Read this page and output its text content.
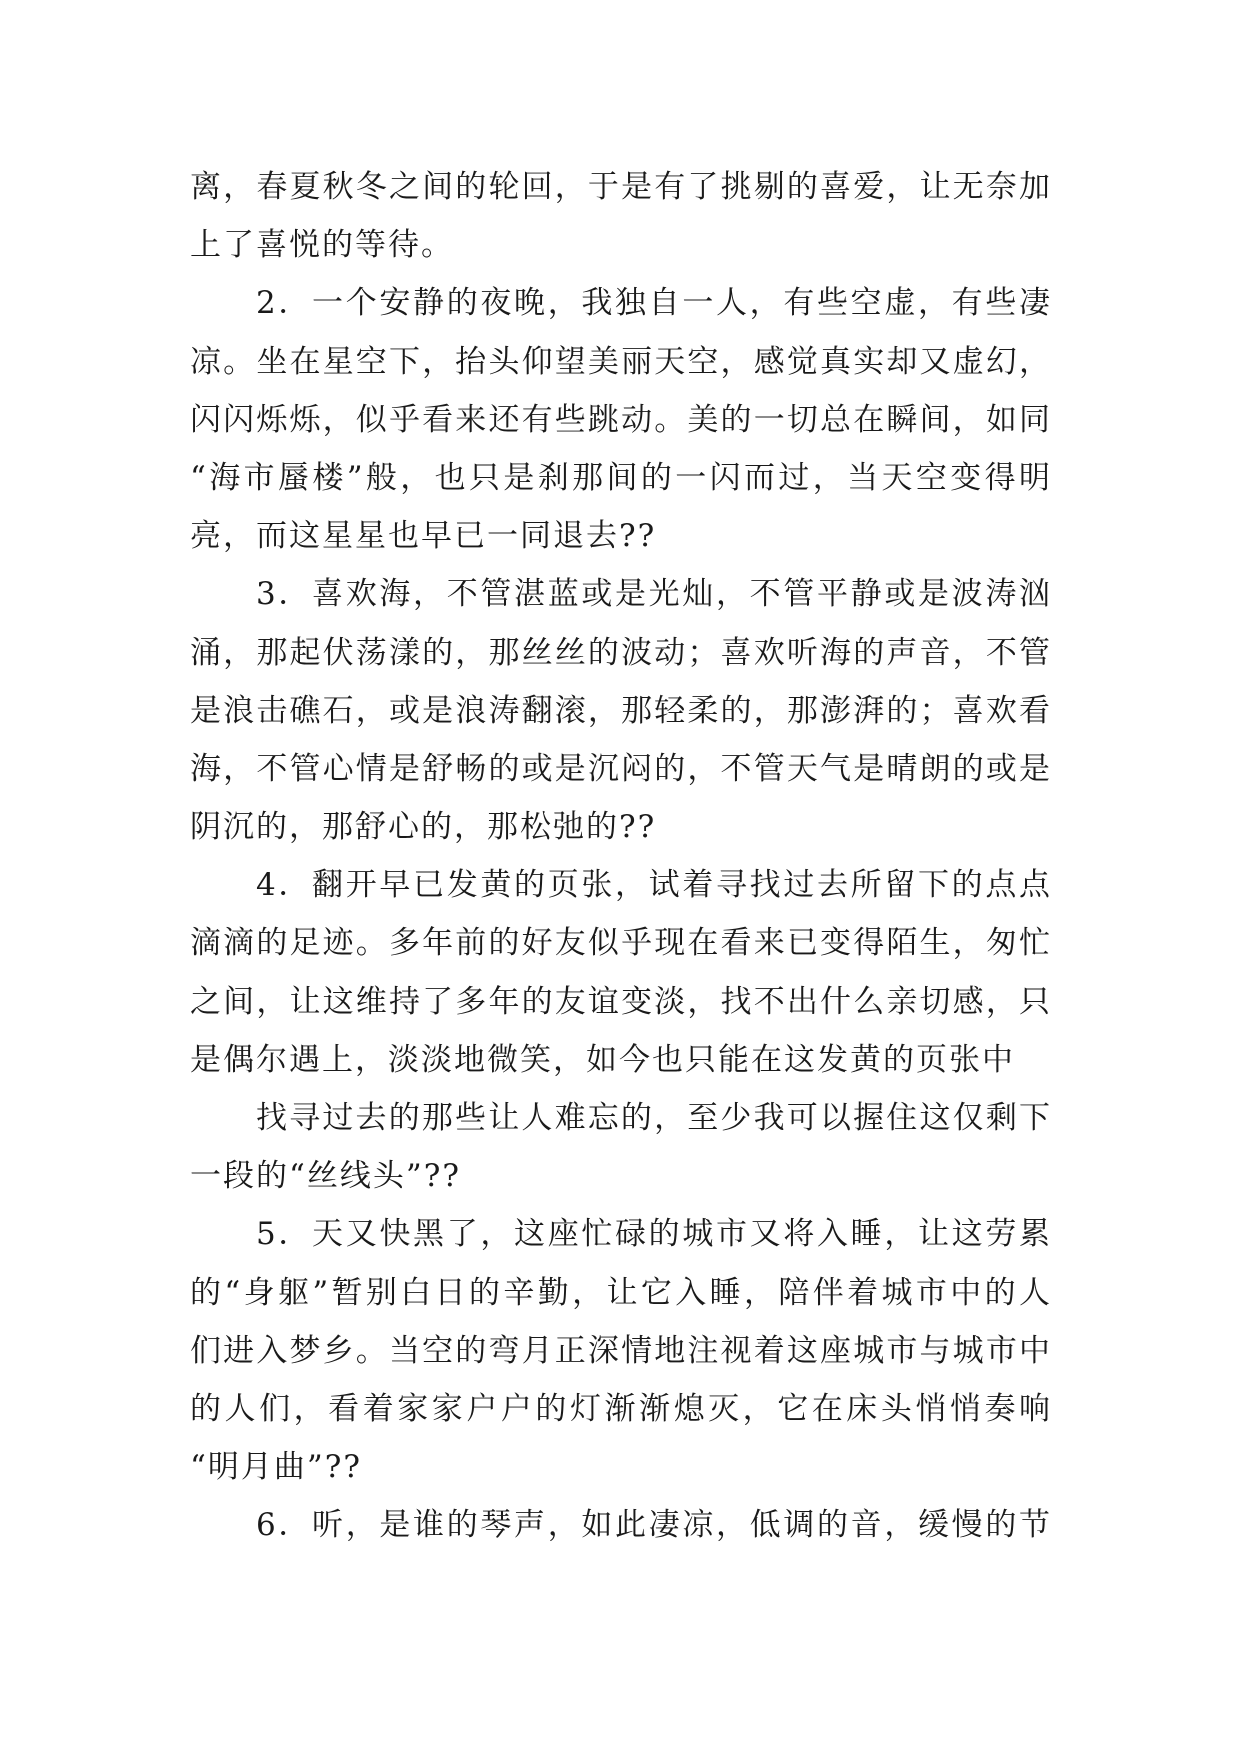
离，春夏秋冬之间的轮回，于是有了挑剔的喜爱，让无奈加
上了喜悦的等待。
2．一个安静的夜晚，我独自一人，有些空虚，有些凄
凉。坐在星空下，抬头仰望美丽天空，感觉真实却又虚幻，
闪闪烁烁，似乎看来还有些跳动。美的一切总在瞬间，如同
“海市蜃楼”般，也只是刹那间的一闪而过，当天空变得明
亮，而这星星也早已一同退去??
3．喜欢海，不管湛蓝或是光灿，不管平静或是波涛汹
涌，那起伏荡漾的，那丝丝的波动；喜欢听海的声音，不管
是浪击礁石，或是浪涛翻滚，那轻柔的，那澎湃的；喜欢看
海，不管心情是舒畅的或是沉闷的，不管天气是晴朗的或是
阴沉的，那舒心的，那松弛的??
4．翻开早已发黄的页张，试着寻找过去所留下的点点
滴滴的足迹。多年前的好友似乎现在看来已变得陌生，匆忙
之间，让这维持了多年的友谊变淡，找不出什么亲切感，只
是偶尔遇上，淡淡地微笑，如今也只能在这发黄的页张中
找寻过去的那些让人难忘的，至少我可以握住这仅剩下
一段的“丝线头”??
5．天又快黑了，这座忙碌的城市又将入睡，让这劳累
的“身躯”暂别白日的辛勤，让它入睡，陪伴着城市中的人
们进入梦乡。当空的弯月正深情地注视着这座城市与城市中
的人们，看着家家户户的灯渐渐熄灭，它在床头悄悄奏响
“明月曲”??
6．听，是谁的琴声，如此凄凉，低调的音，缓慢的节
